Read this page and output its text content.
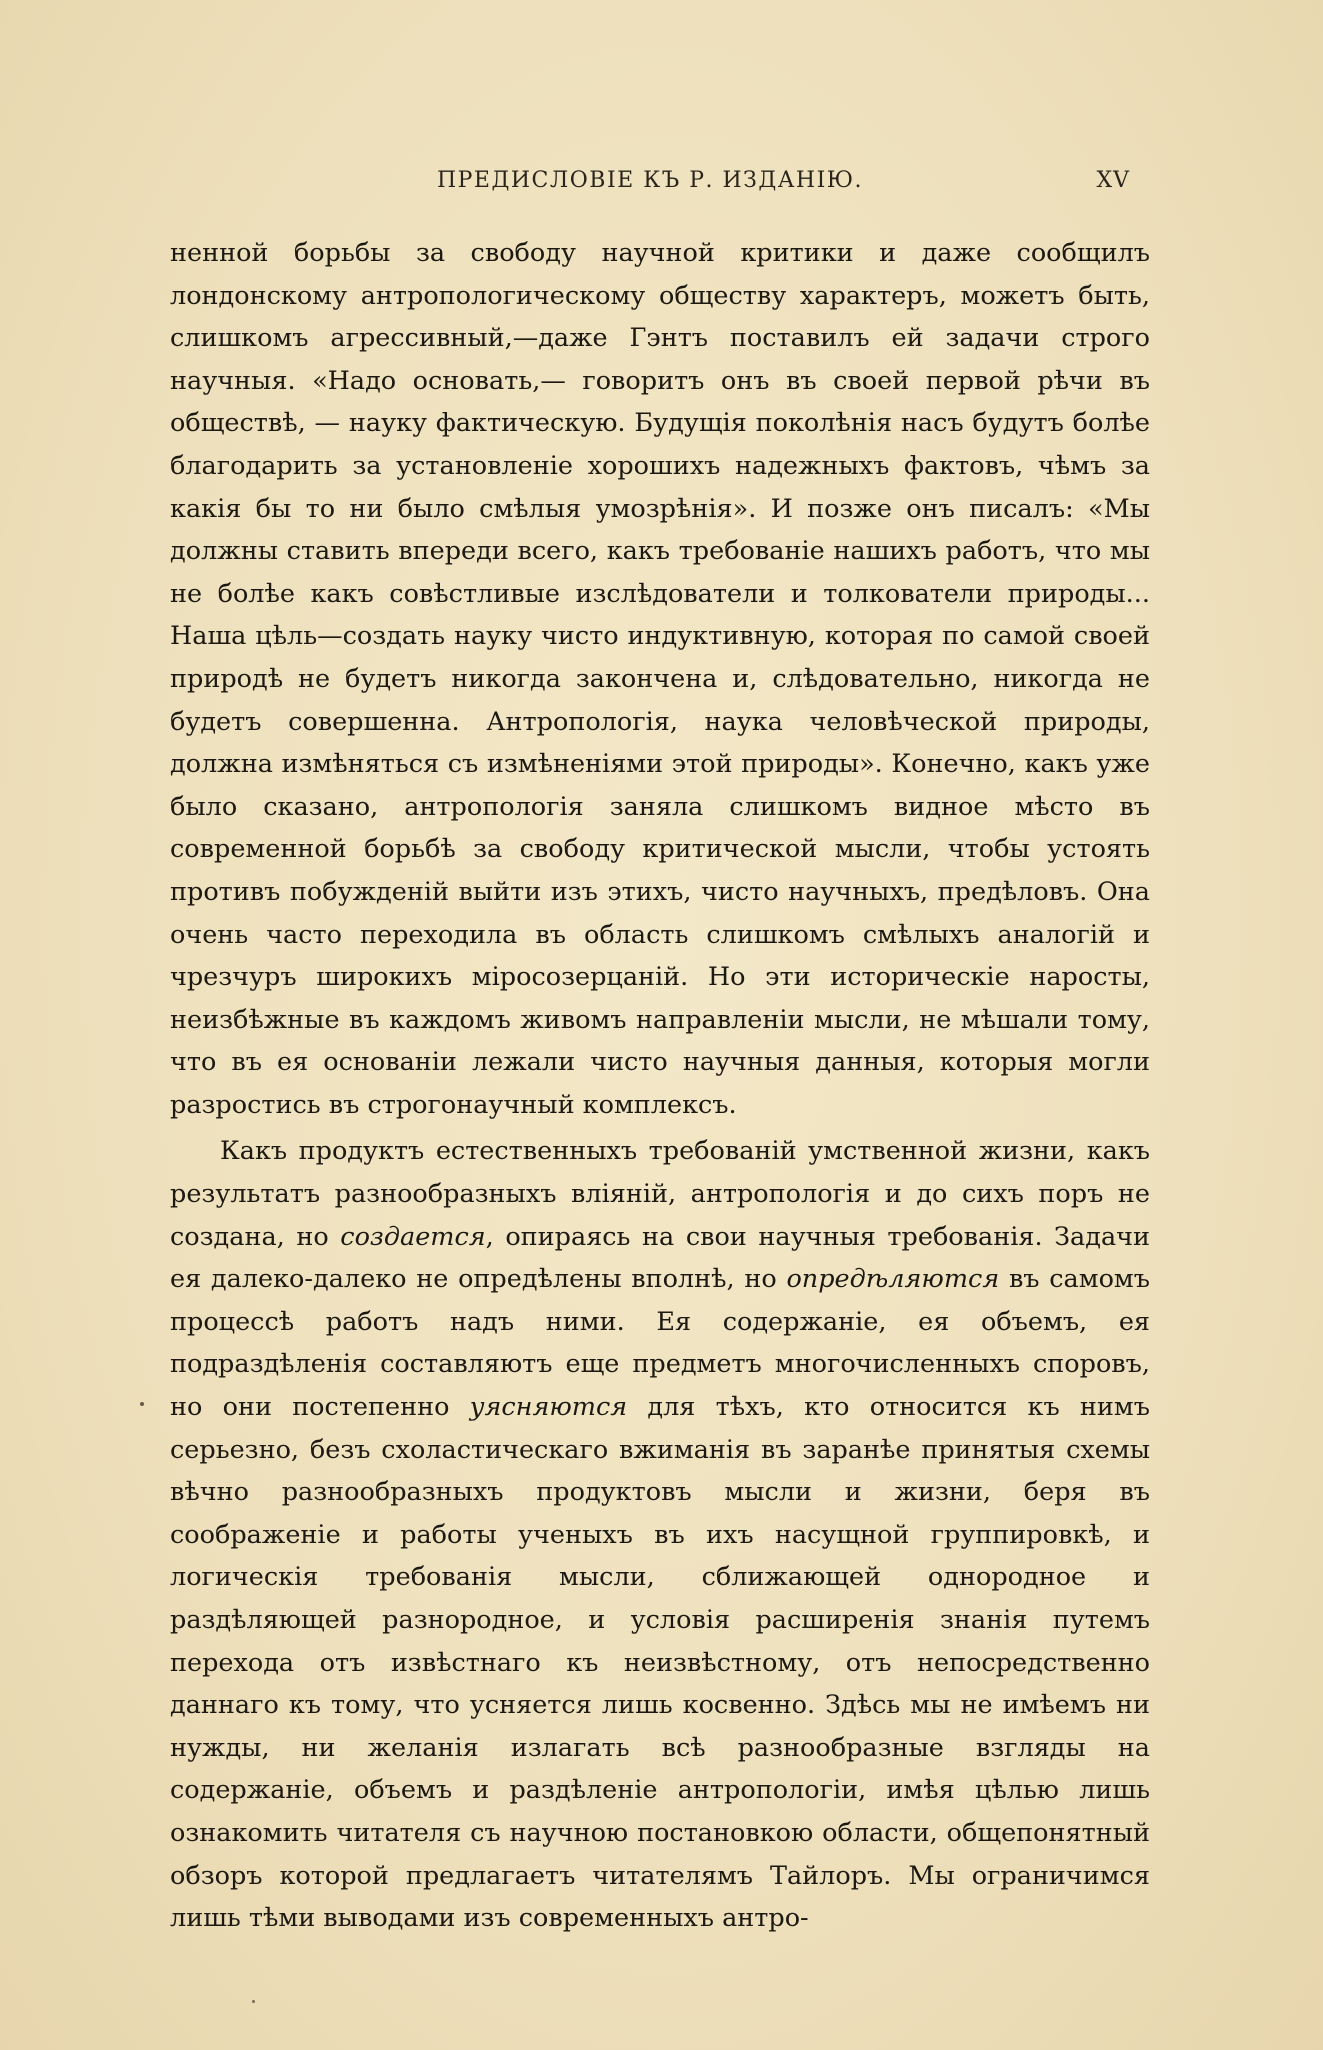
ПРЕДИСЛОВІЕ КЪ Р. ИЗДАНІЮ.	XV

ненной борьбы за свободу научной критики и даже сообщилъ лондонскому антропологическому обществу характеръ, можетъ быть, слишкомъ агрессивный,—даже Гэнтъ поставилъ ей задачи строго научныя. «Надо основать,— говоритъ онъ въ своей первой рѣчи въ обществѣ, — науку фактическую. Будущія поколѣнія насъ будутъ болѣе благодарить за установленіе хорошихъ надежныхъ фактовъ, чѣмъ за какія бы то ни было смѣлыя умозрѣнія». И позже онъ писалъ: «Мы должны ставить впереди всего, какъ требованіе нашихъ работъ, что мы не болѣе какъ совѣстливые изслѣдователи и толкователи природы... Наша цѣль—создать науку чисто индуктивную, которая по самой своей природѣ не будетъ никогда закончена и, слѣдовательно, никогда не будетъ совершенна. Антропологія, наука человѣческой природы, должна измѣняться съ измѣненіями этой природы». Конечно, какъ уже было сказано, антропологія заняла слишкомъ видное мѣсто въ современной борьбѣ за свободу критической мысли, чтобы устоять противъ побужденій выйти изъ этихъ, чисто научныхъ, предѣловъ. Она очень часто переходила въ область слишкомъ смѣлыхъ аналогій и чрезчуръ широкихъ міросозерцаній. Но эти историческіе наросты, неизбѣжные въ каждомъ живомъ направленіи мысли, не мѣшали тому, что въ ея основаніи лежали чисто научныя данныя, которыя могли разростись въ строгонаучный комплексъ.

Какъ продуктъ естественныхъ требованій умственной жизни, какъ результатъ разнообразныхъ вліяній, антропологія и до сихъ поръ не создана, но создается, опираясь на свои научныя требованія. Задачи ея далеко-далеко не опредѣлены вполнѣ, но опредѣляются въ самомъ процессѣ работъ надъ ними. Ея содержаніе, ея объемъ, ея подраздѣленія составляютъ еще предметъ многочисленныхъ споровъ, но они постепенно уясняются для тѣхъ, кто относится къ нимъ серьезно, безъ схоластическаго вжиманія въ заранѣе принятыя схемы вѣчно разнообразныхъ продуктовъ мысли и жизни, беря въ соображеніе и работы ученыхъ въ ихъ насущной группировкѣ, и логическія требованія мысли, сближающей однородное и раздѣляющей разнородное, и условія расширенія знанія путемъ перехода отъ извѣстнаго къ неизвѣстному, отъ непосредственно даннаго къ тому, что усняется лишь косвенно. Здѣсь мы не имѣемъ ни нужды, ни желанія излагать всѣ разнообразные взгляды на содержаніе, объемъ и раздѣленіе антропологіи, имѣя цѣлью лишь ознакомить читателя съ научною постановкою области, общепонятный обзоръ которой предлагаетъ читателямъ Тайлоръ. Мы ограничимся лишь тѣми выводами изъ современныхъ антро-
